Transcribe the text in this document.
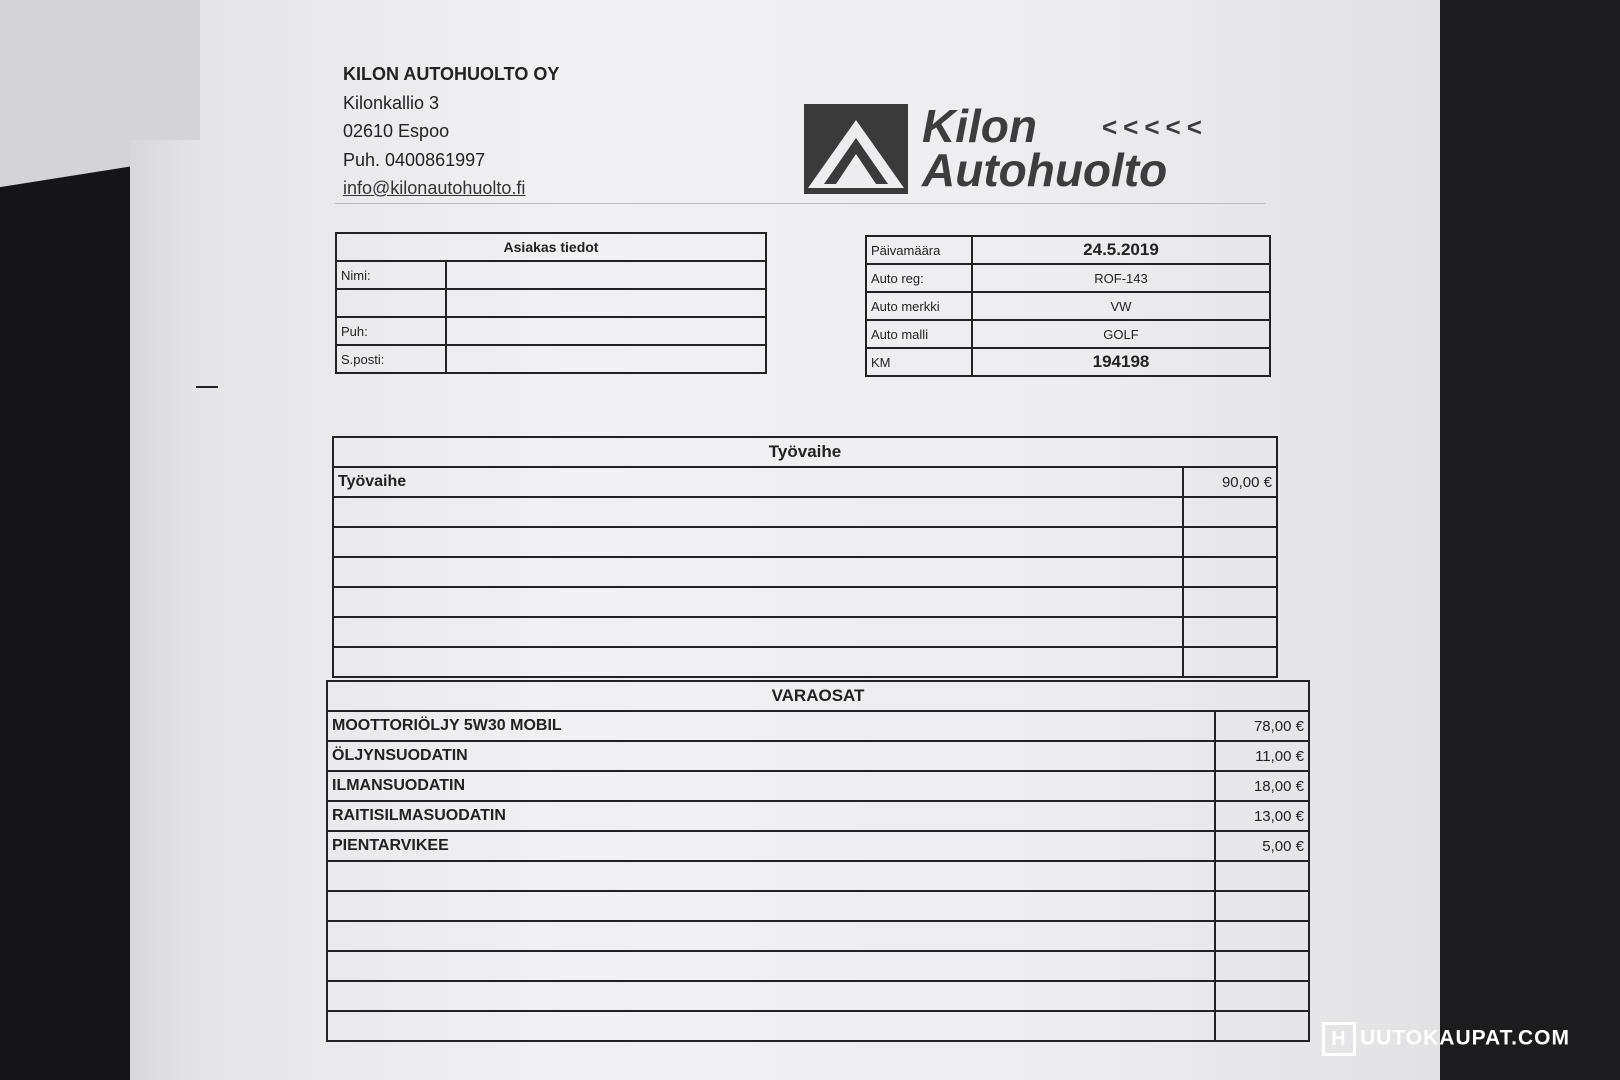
KILON AUTOHUOLTO OY
Kilonkallio 3
02610 Espoo
Puh. 0400861997
info@kilonautohuolto.fi
Kilon
Autohuolto
<<<<<
Asiakas tiedot	
Nimi:	

Puh:	
S.posti:	
Päivamäära	24.5.2019
Auto reg:	ROF-143
Auto merkki	VW
Auto malli	GOLF
KM	194198
Työvaihe	
Työvaihe	90,00 €

VARAOSAT	
MOOTTORIÖLJY 5W30 MOBIL	78,00 €
ÖLJYNSUODATIN	11,00 €
ILMANSUODATIN	18,00 €
RAITISILMASUODATIN	13,00 €
PIENTARVIKEE	5,00 €

H UUTOKAUPAT.COM
